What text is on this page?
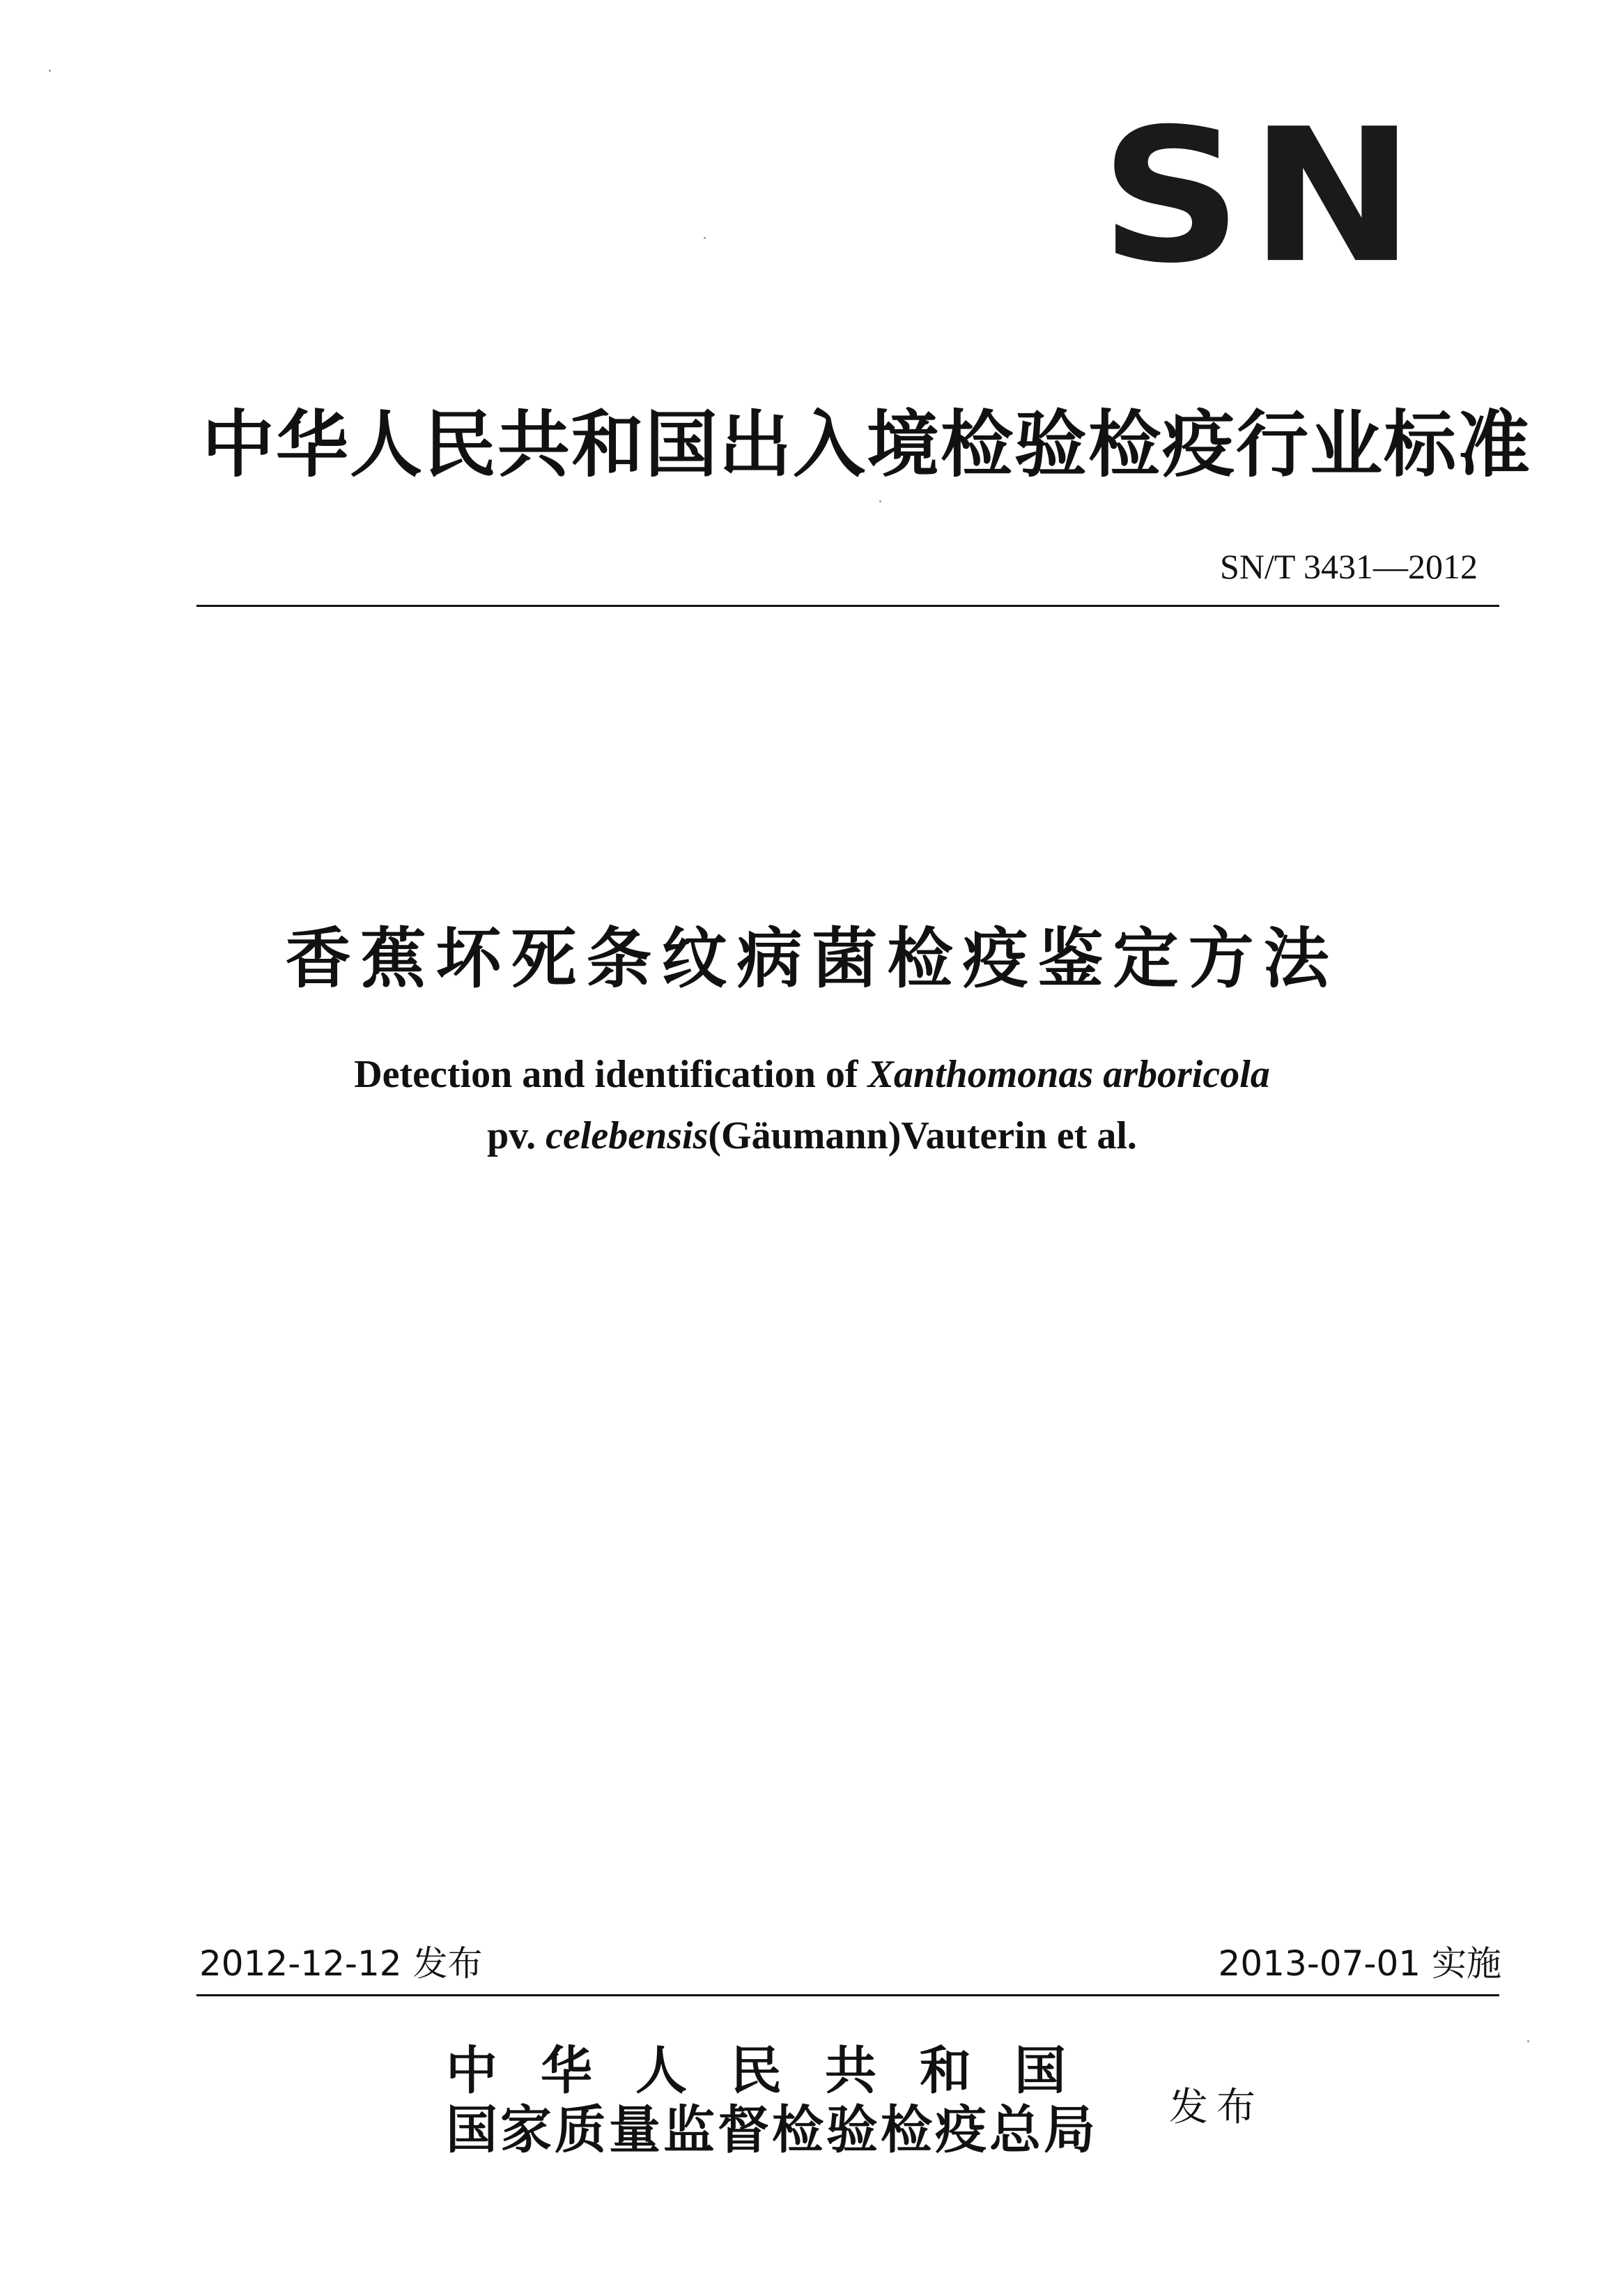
SN
中华人民共和国出入境检验检疫行业标准
SN/T 3431—2012
香蕉坏死条纹病菌检疫鉴定方法
Detection and identification of Xanthomonas arboricola
pv. celebensis(Gäumann)Vauterin et al.
2012-12-12 发布	2013-07-01 实施
中华人民共和国
国家质量监督检验检疫总局 发布
